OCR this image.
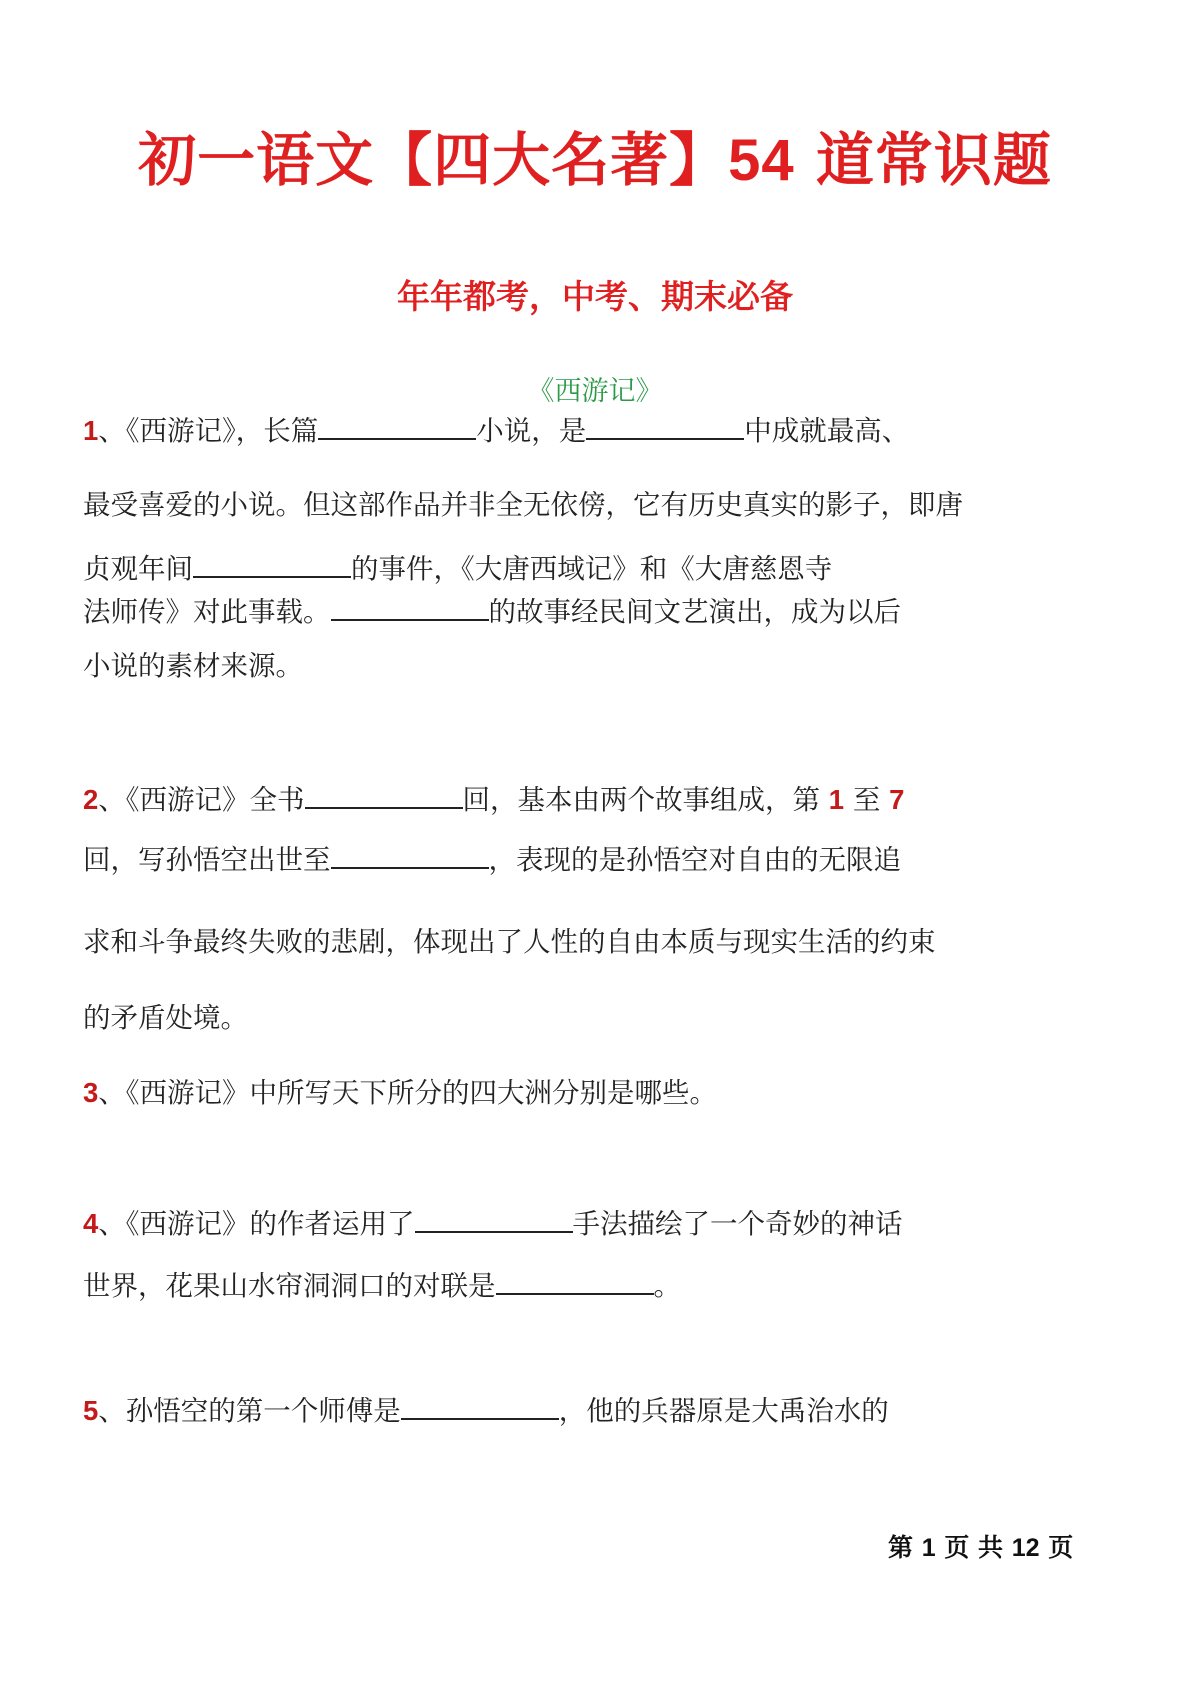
初一语文【四大名著】54 道常识题
年年都考，中考、期末必备
《西游记》
1、《西游记》，长篇	小说，是	中成就最高、
最受喜爱的小说。但这部作品并非全无依傍，它有历史真实的影子，即唐
贞观年间	的事件，《大唐西域记》和《大唐慈恩寺
法师传》对此事载。	的故事经民间文艺演出，成为以后
小说的素材来源。
2、《西游记》全书	回，基本由两个故事组成，第 1 至 7
回，写孙悟空出世至	，表现的是孙悟空对自由的无限追
求和斗争最终失败的悲剧，体现出了人性的自由本质与现实生活的约束
的矛盾处境。
3、《西游记》中所写天下所分的四大洲分别是哪些。
4、《西游记》的作者运用了	手法描绘了一个奇妙的神话
世界，花果山水帘洞洞口的对联是	。
5、孙悟空的第一个师傅是	，他的兵器原是大禹治水的
第 1 页 共 12 页
